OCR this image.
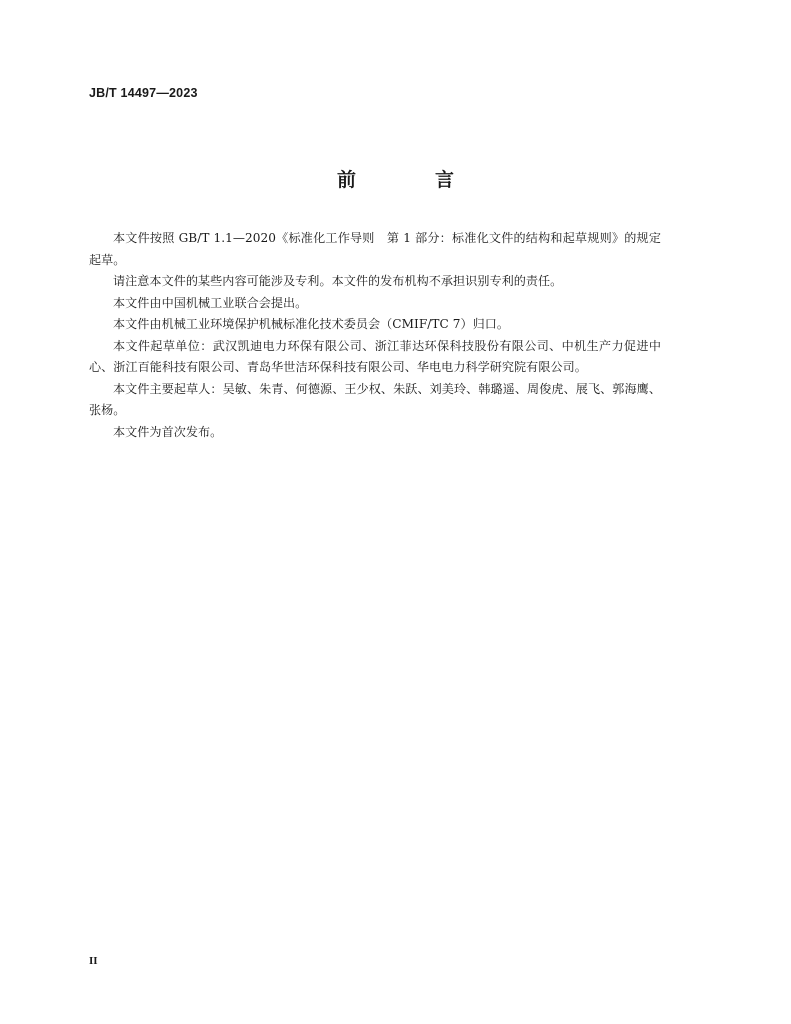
JB/T 14497—2023
前　言

本文件按照 GB/T 1.1—2020《标准化工作导则　第 1 部分：标准化文件的结构和起草规则》的规定起草。

请注意本文件的某些内容可能涉及专利。本文件的发布机构不承担识别专利的责任。

本文件由中国机械工业联合会提出。

本文件由机械工业环境保护机械标准化技术委员会（CMIF/TC 7）归口。

本文件起草单位：武汉凯迪电力环保有限公司、浙江菲达环保科技股份有限公司、中机生产力促进中心、浙江百能科技有限公司、青岛华世洁环保科技有限公司、华电电力科学研究院有限公司。

本文件主要起草人：吴敏、朱青、何德源、王少权、朱跃、刘美玲、韩璐遥、周俊虎、展飞、郭海鹰、张杨。

本文件为首次发布。

II
